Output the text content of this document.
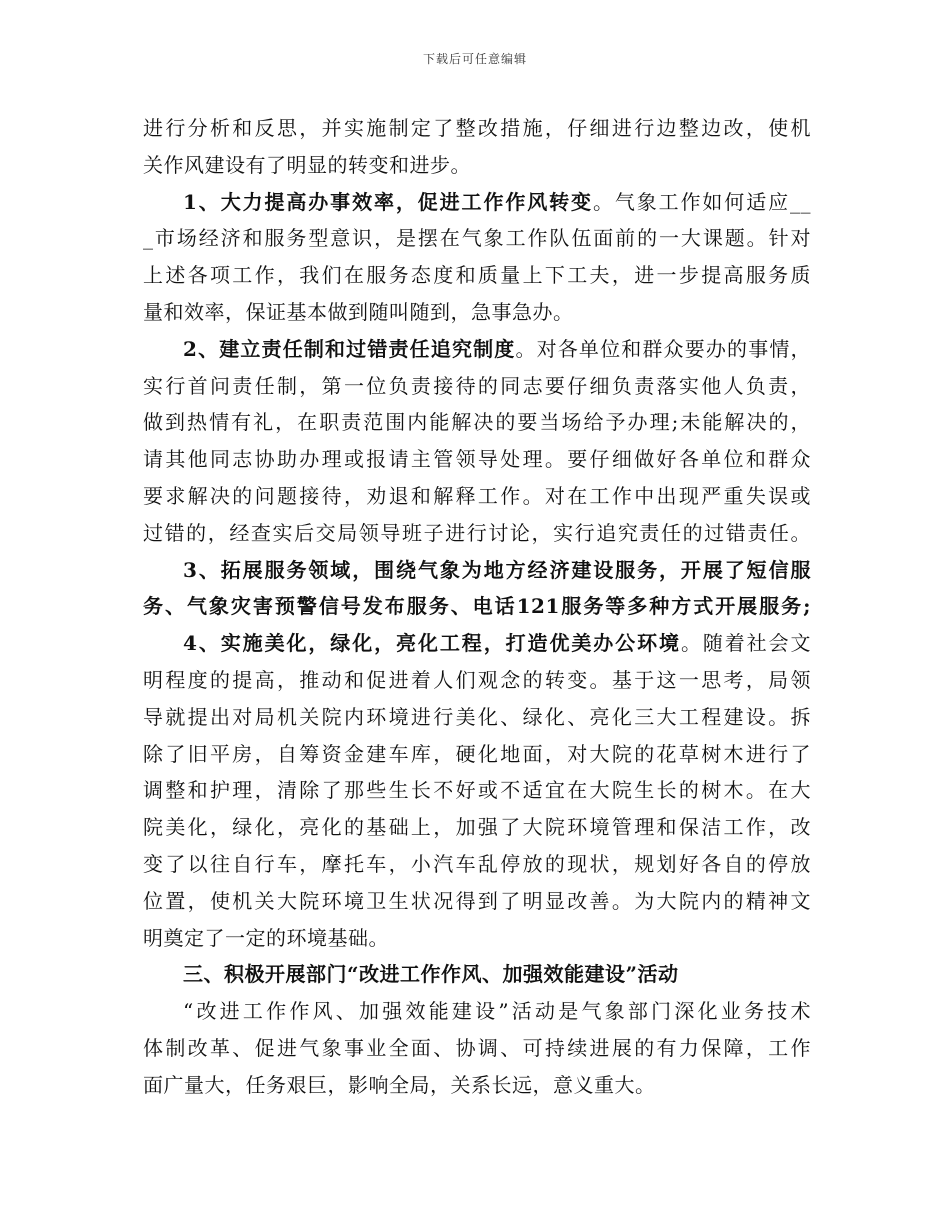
下载后可任意编辑
进行分析和反思，并实施制定了整改措施，仔细进行边整边改，使机
关作风建设有了明显的转变和进步。
1、大力提高办事效率，促进工作作风转变。气象工作如何适应__
_市场经济和服务型意识，是摆在气象工作队伍面前的一大课题。针对
上述各项工作，我们在服务态度和质量上下工夫，进一步提高服务质
量和效率，保证基本做到随叫随到，急事急办。
2、建立责任制和过错责任追究制度。对各单位和群众要办的事情，
实行首问责任制，第一位负责接待的同志要仔细负责落实他人负责，
做到热情有礼，在职责范围内能解决的要当场给予办理;未能解决的，
请其他同志协助办理或报请主管领导处理。要仔细做好各单位和群众
要求解决的问题接待，劝退和解释工作。对在工作中出现严重失误或
过错的，经查实后交局领导班子进行讨论，实行追究责任的过错责任。
3、拓展服务领域，围绕气象为地方经济建设服务，开展了短信服
务、气象灾害预警信号发布服务、电话121服务等多种方式开展服务;
4、实施美化，绿化，亮化工程，打造优美办公环境。随着社会文
明程度的提高，推动和促进着人们观念的转变。基于这一思考，局领
导就提出对局机关院内环境进行美化、绿化、亮化三大工程建设。拆
除了旧平房，自筹资金建车库，硬化地面，对大院的花草树木进行了
调整和护理，清除了那些生长不好或不适宜在大院生长的树木。在大
院美化，绿化，亮化的基础上，加强了大院环境管理和保洁工作，改
变了以往自行车，摩托车，小汽车乱停放的现状，规划好各自的停放
位置，使机关大院环境卫生状况得到了明显改善。为大院内的精神文
明奠定了一定的环境基础。
三、积极开展部门“改进工作作风、加强效能建设”活动
“改进工作作风、加强效能建设”活动是气象部门深化业务技术
体制改革、促进气象事业全面、协调、可持续进展的有力保障，工作
面广量大，任务艰巨，影响全局，关系长远，意义重大。
